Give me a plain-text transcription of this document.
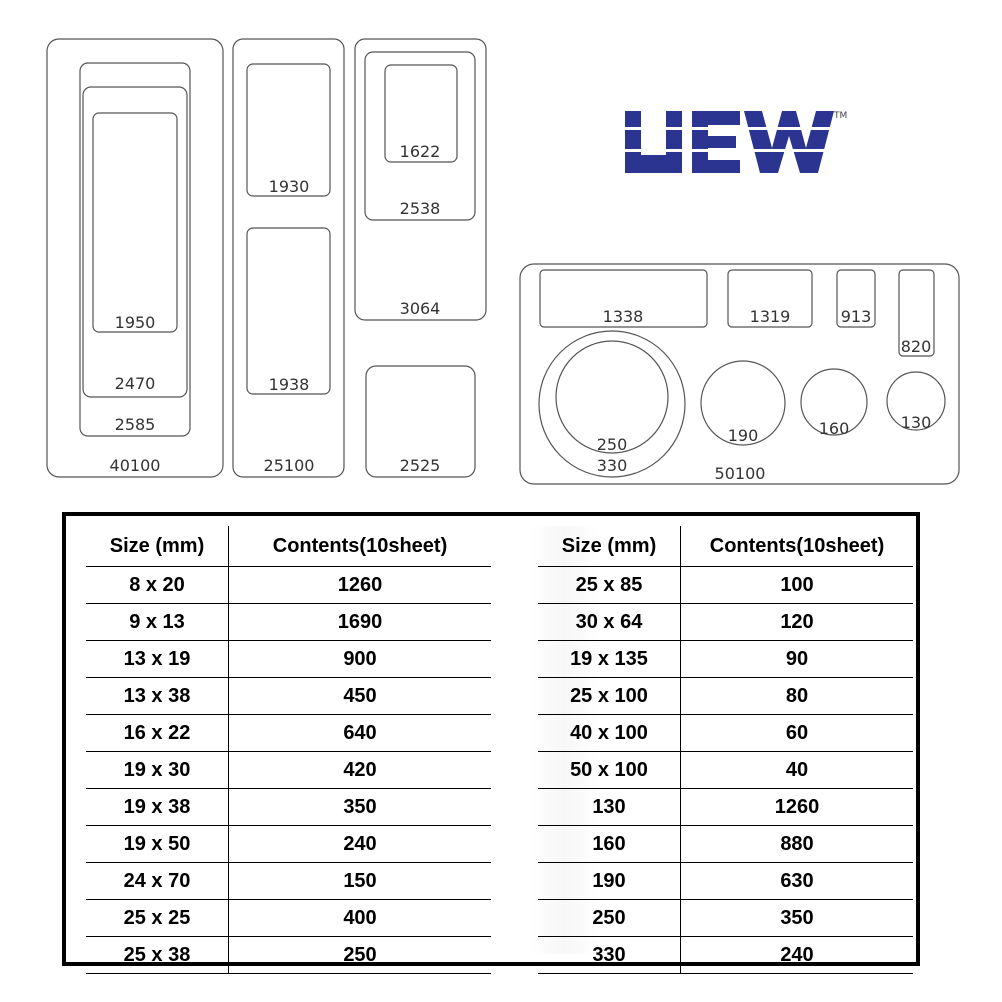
1950
2470
2585
40100
1930
1938
25100
1622
2538
3064
2525
TM
1338	1319	913
820
250
330
190	160	130
50100
Size (mm)	Contents(10sheet)
8 x 20	1260
9 x 13	1690
13 x 19	900
13 x 38	450
16 x 22	640
19 x 30	420
19 x 38	350
19 x 50	240
24 x 70	150
25 x 25	400
25 x 38	250
Size (mm)	Contents(10sheet)
25 x 85	100
30 x 64	120
19 x 135	90
25 x 100	80
40 x 100	60
50 x 100	40
130	1260
160	880
190	630
250	350
330	240
